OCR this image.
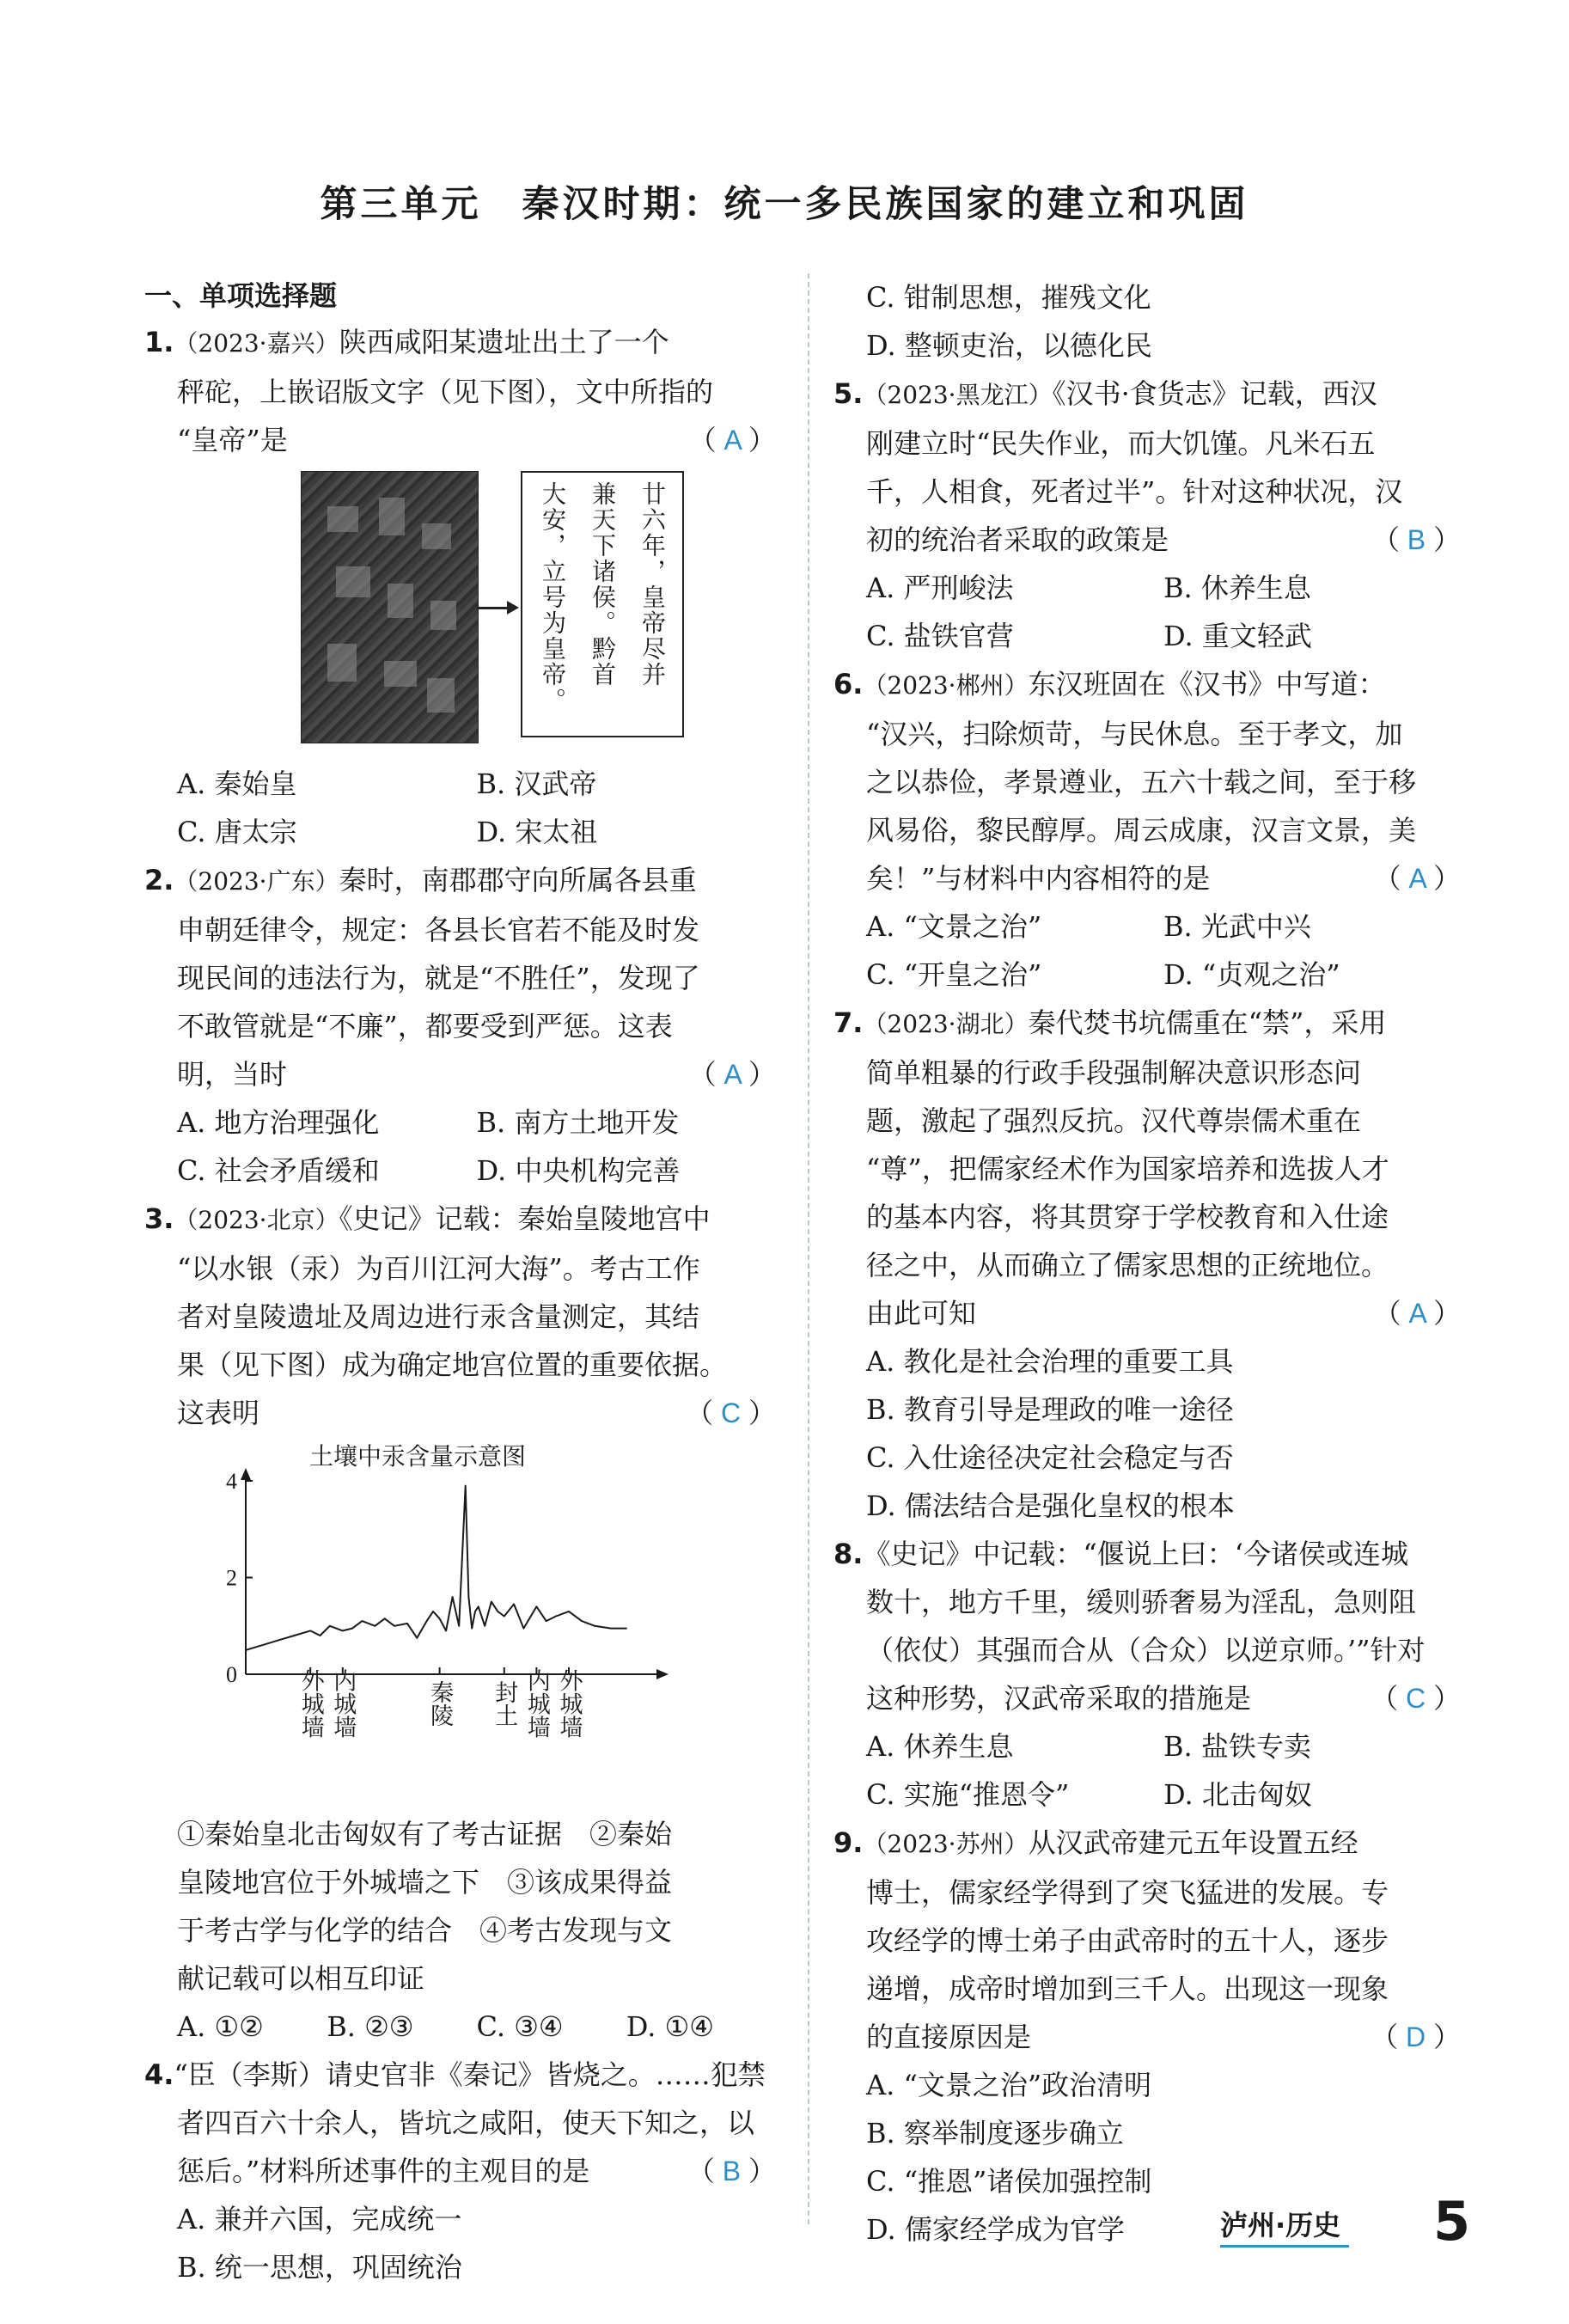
第三单元　秦汉时期：统一多民族国家的建立和巩固
一、单项选择题
1.（2023·嘉兴）陕西咸阳某遗址出土了一个
秤砣，上嵌诏版文字（见下图），文中所指的
“皇帝”是	（ A ）
廿六年，皇帝尽并
兼天下诸侯。黔首
大安，立号为皇帝。
A. 秦始皇	B. 汉武帝
C. 唐太宗	D. 宋太祖
2.（2023·广东）秦时，南郡郡守向所属各县重
申朝廷律令，规定：各县长官若不能及时发
现民间的违法行为，就是“不胜任”，发现了
不敢管就是“不廉”，都要受到严惩。这表
明，当时	（ A ）
A. 地方治理强化	B. 南方土地开发
C. 社会矛盾缓和	D. 中央机构完善
3.（2023·北京）《史记》记载：秦始皇陵地宫中
“以水银（汞）为百川江河大海”。考古工作
者对皇陵遗址及周边进行汞含量测定，其结
果（见下图）成为确定地宫位置的重要依据。
这表明	（ C ）
土壤中汞含量示意图
0
2
4
外城墙 内城墙	秦陵 封土 内城墙 外城墙
①秦始皇北击匈奴有了考古证据　②秦始
皇陵地宫位于外城墙之下　③该成果得益
于考古学与化学的结合　④考古发现与文
献记载可以相互印证
A. ①②	B. ②③	C. ③④	D. ①④
4.“臣（李斯）请史官非《秦记》皆烧之。……犯禁
者四百六十余人，皆坑之咸阳，使天下知之，以
惩后。”材料所述事件的主观目的是	（ B ）
A. 兼并六国，完成统一
B. 统一思想，巩固统治
C. 钳制思想，摧残文化
D. 整顿吏治，以德化民
5.（2023·黑龙江）《汉书·食货志》记载，西汉
刚建立时“民失作业，而大饥馑。凡米石五
千，人相食，死者过半”。针对这种状况，汉
初的统治者采取的政策是	（ B ）
A. 严刑峻法	B. 休养生息
C. 盐铁官营	D. 重文轻武
6.（2023·郴州）东汉班固在《汉书》中写道：
“汉兴，扫除烦苛，与民休息。至于孝文，加
之以恭俭，孝景遵业，五六十载之间，至于移
风易俗，黎民醇厚。周云成康，汉言文景，美
矣！”与材料中内容相符的是	（ A ）
A. “文景之治”	B. 光武中兴
C. “开皇之治”	D. “贞观之治”
7.（2023·湖北）秦代焚书坑儒重在“禁”，采用
简单粗暴的行政手段强制解决意识形态问
题，激起了强烈反抗。汉代尊崇儒术重在
“尊”，把儒家经术作为国家培养和选拔人才
的基本内容，将其贯穿于学校教育和入仕途
径之中，从而确立了儒家思想的正统地位。
由此可知	（ A ）
A. 教化是社会治理的重要工具
B. 教育引导是理政的唯一途径
C. 入仕途径决定社会稳定与否
D. 儒法结合是强化皇权的根本
8.《史记》中记载：“偃说上曰：‘今诸侯或连城
数十，地方千里，缓则骄奢易为淫乱，急则阻
（依仗）其强而合从（合众）以逆京师。’”针对
这种形势，汉武帝采取的措施是	（ C ）
A. 休养生息	B. 盐铁专卖
C. 实施“推恩令”	D. 北击匈奴
9.（2023·苏州）从汉武帝建元五年设置五经
博士，儒家经学得到了突飞猛进的发展。专
攻经学的博士弟子由武帝时的五十人，逐步
递增，成帝时增加到三千人。出现这一现象
的直接原因是	（ D ）
A. “文景之治”政治清明
B. 察举制度逐步确立
C. “推恩”诸侯加强控制
D. 儒家经学成为官学	泸州·历史 5
